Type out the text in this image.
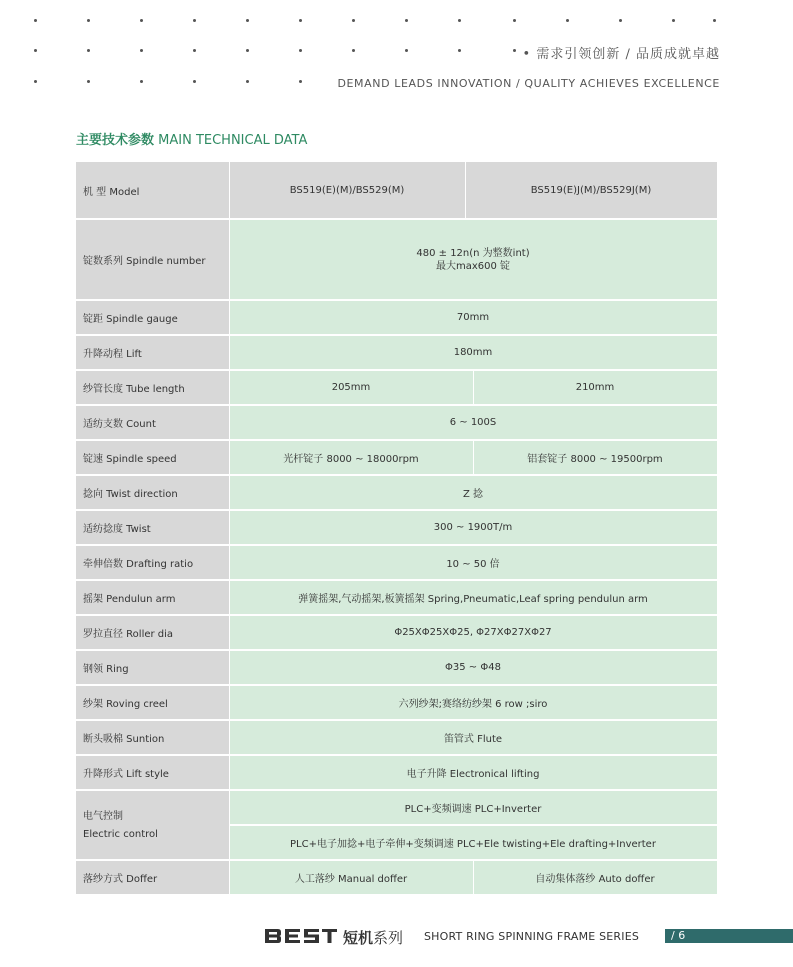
• 需求引领创新 / 品质成就卓越
DEMAND LEADS INNOVATION / QUALITY ACHIEVES EXCELLENCE
主要技术参数 MAIN TECHNICAL DATA
机 型 Model	BS519(E)(M)/BS529(M)	BS519(E)J(M)/BS529J(M)	
锭数系列 Spindle number	480 ± 12n(n 为整数int)
最大max600 锭		

锭距 Spindle gauge	70mm		
升降动程 Lift	180mm		
纱管长度 Tube length	205mm		210mm
适纺支数 Count	6 ~ 100S		
锭速 Spindle speed	光杆锭子 8000 ~ 18000rpm		铝套锭子 8000 ~ 19500rpm
捻向 Twist direction	Z 捻		
适纺捻度 Twist	300 ~ 1900T/m		
牵伸倍数 Drafting ratio	10 ~ 50 倍		
摇架 Pendulun arm	弹簧摇架,气动摇架,板簧摇架 Spring,Pneumatic,Leaf spring pendulun arm		
罗拉直径 Roller dia	Φ25XΦ25XΦ25, Φ27XΦ27XΦ27		
钢领 Ring	Φ35 ~ Φ48		
纱架 Roving creel	六列纱架;赛络纺纱架 6 row ;siro		
断头吸棉 Suntion	笛管式 Flute		
升降形式 Lift style	电子升降 Electronical lifting		

电气控制
Electric control	PLC+变频调速 PLC+Inverter		
	PLC+电子加捻+电子牵伸+变频调速 PLC+Ele twisting+Ele drafting+Inverter		
落纱方式 Doffer	人工落纱 Manual doffer		自动集体落纱 Auto doffer
BEST
短机系列 SHORT RING SPINNING FRAME SERIES	/ 6
